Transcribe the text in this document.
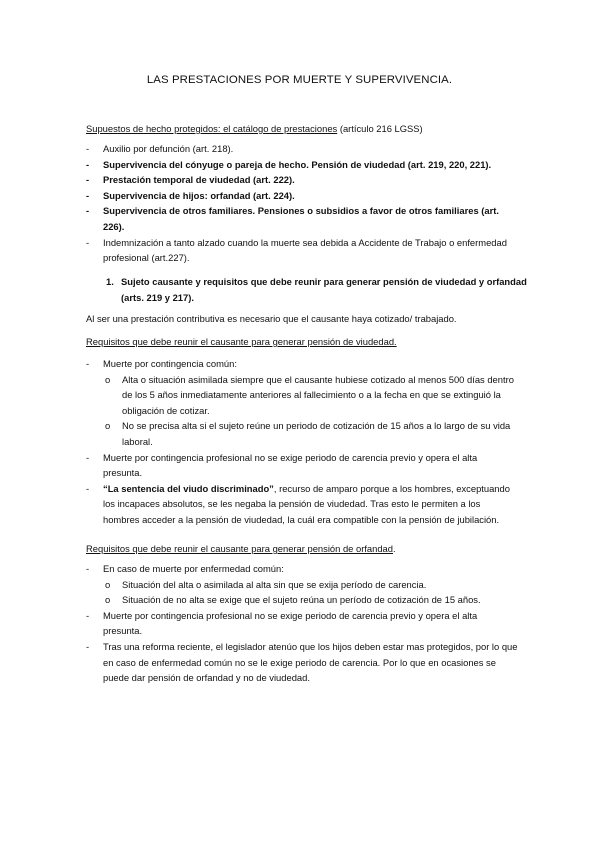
LAS PRESTACIONES POR MUERTE Y SUPERVIVENCIA.
Supuestos de hecho protegidos: el catálogo de prestaciones (artículo 216 LGSS)
- Auxilio por defunción (art. 218).
- Supervivencia del cónyuge o pareja de hecho. Pensión de viudedad (art. 219, 220, 221).
- Prestación temporal de viudedad (art. 222).
- Supervivencia de hijos: orfandad (art. 224).
- Supervivencia de otros familiares. Pensiones o subsidios a favor de otros familiares (art. 226).
- Indemnización a tanto alzado cuando la muerte sea debida a Accidente de Trabajo o enfermedad profesional (art.227).
1. Sujeto causante y requisitos que debe reunir para generar pensión de viudedad y orfandad (arts. 219 y 217).
Al ser una prestación contributiva es necesario que el causante haya cotizado/ trabajado.
Requisitos que debe reunir el causante para generar pensión de viudedad.
- Muerte por contingencia común:
o Alta o situación asimilada siempre que el causante hubiese cotizado al menos 500 días dentro de los 5 años inmediatamente anteriores al fallecimiento o a la fecha en que se extinguió la obligación de cotizar.
o No se precisa alta si el sujeto reúne un periodo de cotización de 15 años a lo largo de su vida laboral.
- Muerte por contingencia profesional no se exige periodo de carencia previo y opera el alta presunta.
- “La sentencia del viudo discriminado”, recurso de amparo porque a los hombres, exceptuando los incapaces absolutos, se les negaba la pensión de viudedad. Tras esto le permiten a los hombres acceder a la pensión de viudedad, la cuál era compatible con la pensión de jubilación.
Requisitos que debe reunir el causante para generar pensión de orfandad.
- En caso de muerte por enfermedad común:
o Situación del alta o asimilada al alta sin que se exija período de carencia.
o Situación de no alta se exige que el sujeto reúna un período de cotización de 15 años.
- Muerte por contingencia profesional no se exige periodo de carencia previo y opera el alta presunta.
- Tras una reforma reciente, el legislador atenúo que los hijos deben estar mas protegidos, por lo que en caso de enfermedad común no se le exige periodo de carencia. Por lo que en ocasiones se puede dar pensión de orfandad y no de viudedad.
